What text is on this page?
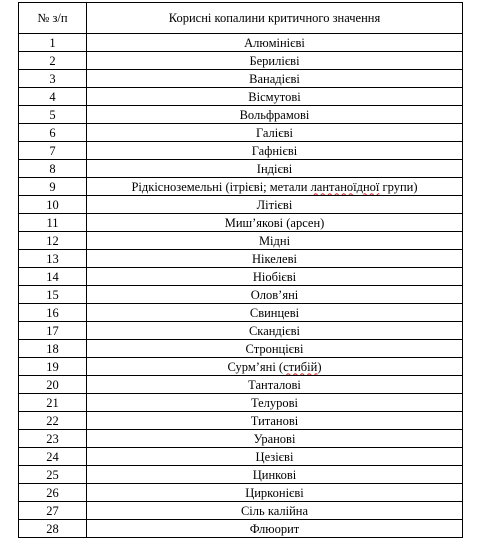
№ з/п	Корисні копалини критичного значення
1	Алюмінієві
2	Берилієві
3	Ванадієві
4	Вісмутові
5	Вольфрамові
6	Галієві
7	Гафнієві
8	Індієві
9	Рідкісноземельні (ітрієві; метали лантаноїдної групи)
10	Літієві
11	Миш’якові (арсен)
12	Мідні
13	Нікелеві
14	Ніобієві
15	Олов’яні
16	Свинцеві
17	Скандієві
18	Стронцієві
19	Сурм’яні (стибій)
20	Танталові
21	Телурові
22	Титанові
23	Уранові
24	Цезієві
25	Цинкові
26	Цирконієві
27	Сіль калійна
28	Флюорит
